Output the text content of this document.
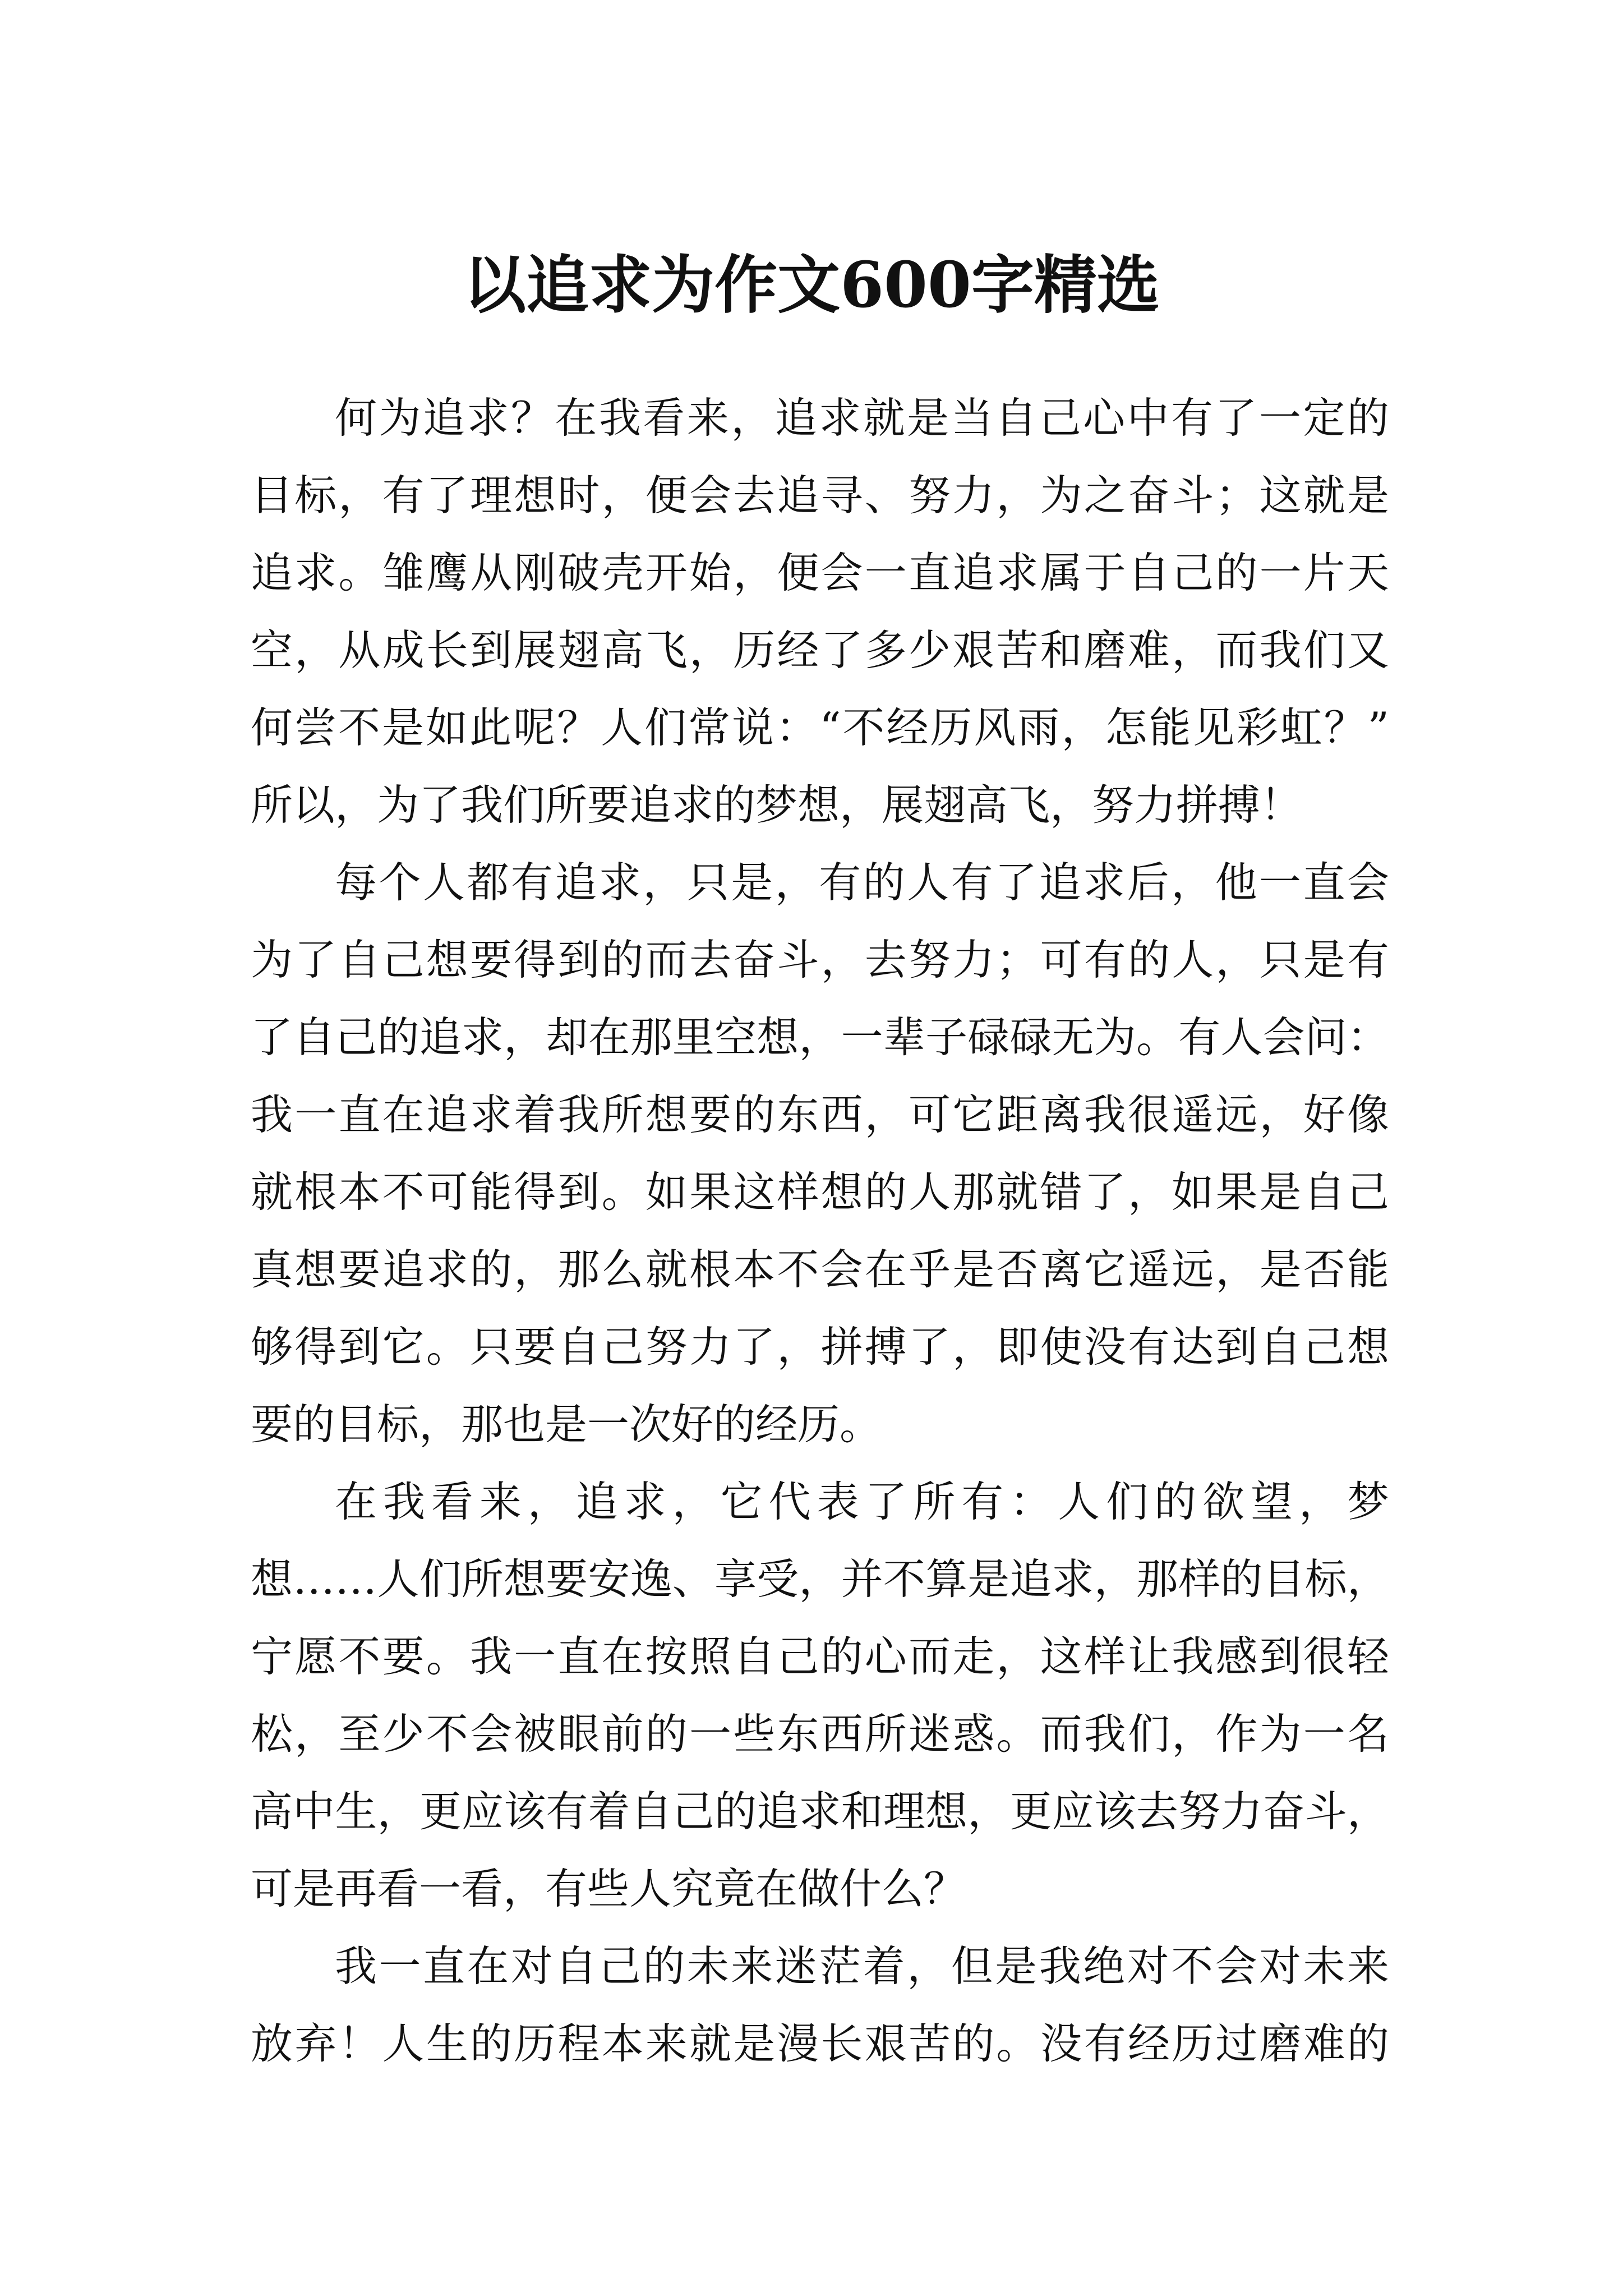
以追求为作文600字精选
何为追求？在我看来，追求就是当自己心中有了一定的
目标，有了理想时，便会去追寻、努力，为之奋斗；这就是
追求。雏鹰从刚破壳开始，便会一直追求属于自己的一片天
空，从成长到展翅高飞，历经了多少艰苦和磨难，而我们又
何尝不是如此呢？人们常说：“不经历风雨，怎能见彩虹？”
所以，为了我们所要追求的梦想，展翅高飞，努力拼搏！
每个人都有追求，只是，有的人有了追求后，他一直会
为了自己想要得到的而去奋斗，去努力；可有的人，只是有
了自己的追求，却在那里空想，一辈子碌碌无为。有人会问：
我一直在追求着我所想要的东西，可它距离我很遥远，好像
就根本不可能得到。如果这样想的人那就错了，如果是自己
真想要追求的，那么就根本不会在乎是否离它遥远，是否能
够得到它。只要自己努力了，拼搏了，即使没有达到自己想
要的目标，那也是一次好的经历。
在我看来，追求，它代表了所有：人们的欲望，梦
想……人们所想要安逸、享受，并不算是追求，那样的目标，
宁愿不要。我一直在按照自己的心而走，这样让我感到很轻
松，至少不会被眼前的一些东西所迷惑。而我们，作为一名
高中生，更应该有着自己的追求和理想，更应该去努力奋斗，
可是再看一看，有些人究竟在做什么？
我一直在对自己的未来迷茫着，但是我绝对不会对未来
放弃！人生的历程本来就是漫长艰苦的。没有经历过磨难的
